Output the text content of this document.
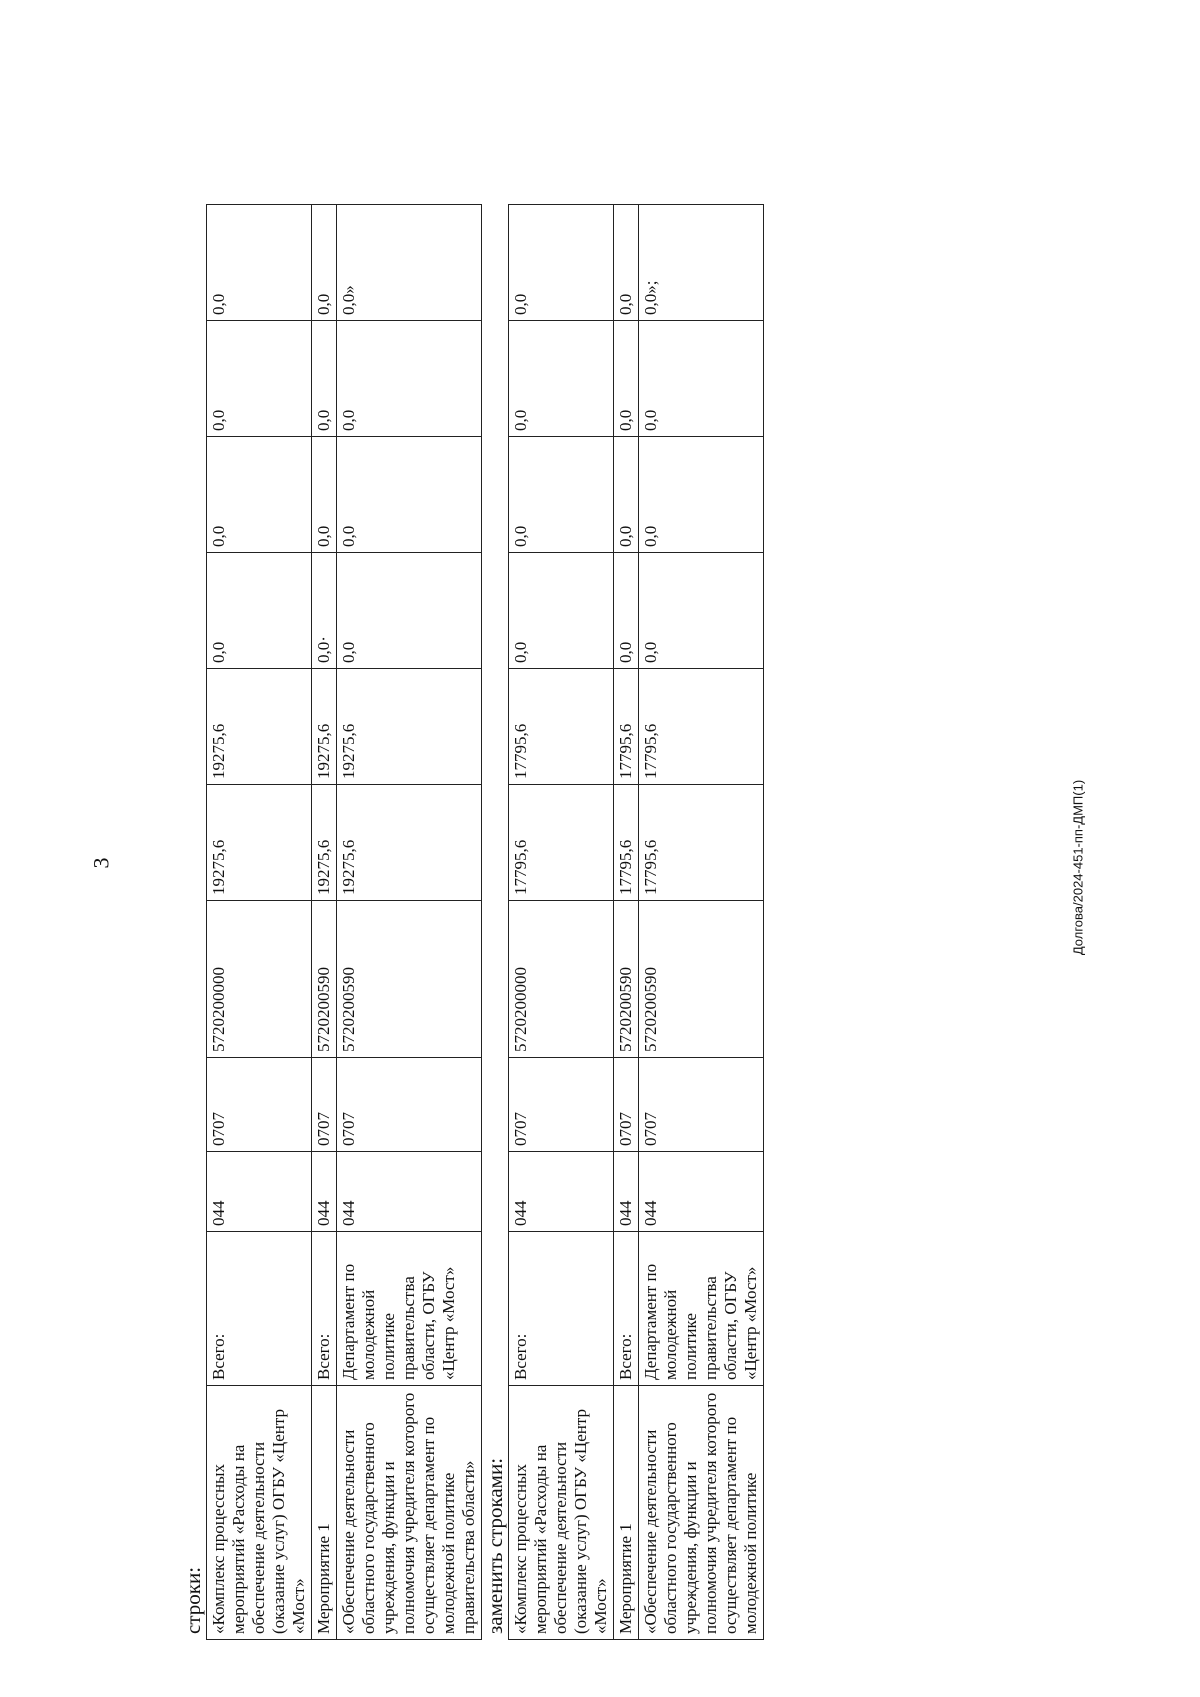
3	Долгова/2024-451-пп-ДМП(1)
строки: «Комплекс процессных мероприятий «Расходы на обеспечение деятельности (оказание услуг) ОГБУ «Центр «Мост»	Всего:	044	0707	5720200000	19275,6	19275,6	0,0	0,0	0,0	0,0
Мероприятие 1	Всего:	044	0707	5720200590	19275,6	19275,6	0,0·	0,0	0,0	0,0
«Обеспечение деятельности областного государственного учреждения, функции и полномочия учредителя которого осуществляет департамент по молодежной политике правительства области»	Департамент по молодежной политике правительства области, ОГБУ «Центр «Мост»	044	0707	5720200590	19275,6	19275,6	0,0	0,0	0,0	0,0»
заменить строками: «Комплекс процессных мероприятий «Расходы на обеспечение деятельности (оказание услуг) ОГБУ «Центр «Мост»	Всего:	044	0707	5720200000	17795,6	17795,6	0,0	0,0	0,0	0,0
Мероприятие 1	Всего:	044	0707	5720200590	17795,6	17795,6	0,0	0,0	0,0	0,0
«Обеспечение деятельности областного государственного учреждения, функции и полномочия учредителя которого осуществляет департамент по молодежной политике	Департамент по молодежной политике правительства области, ОГБУ «Центр «Мост»	044	0707	5720200590	17795,6	17795,6	0,0	0,0	0,0	0,0»;
